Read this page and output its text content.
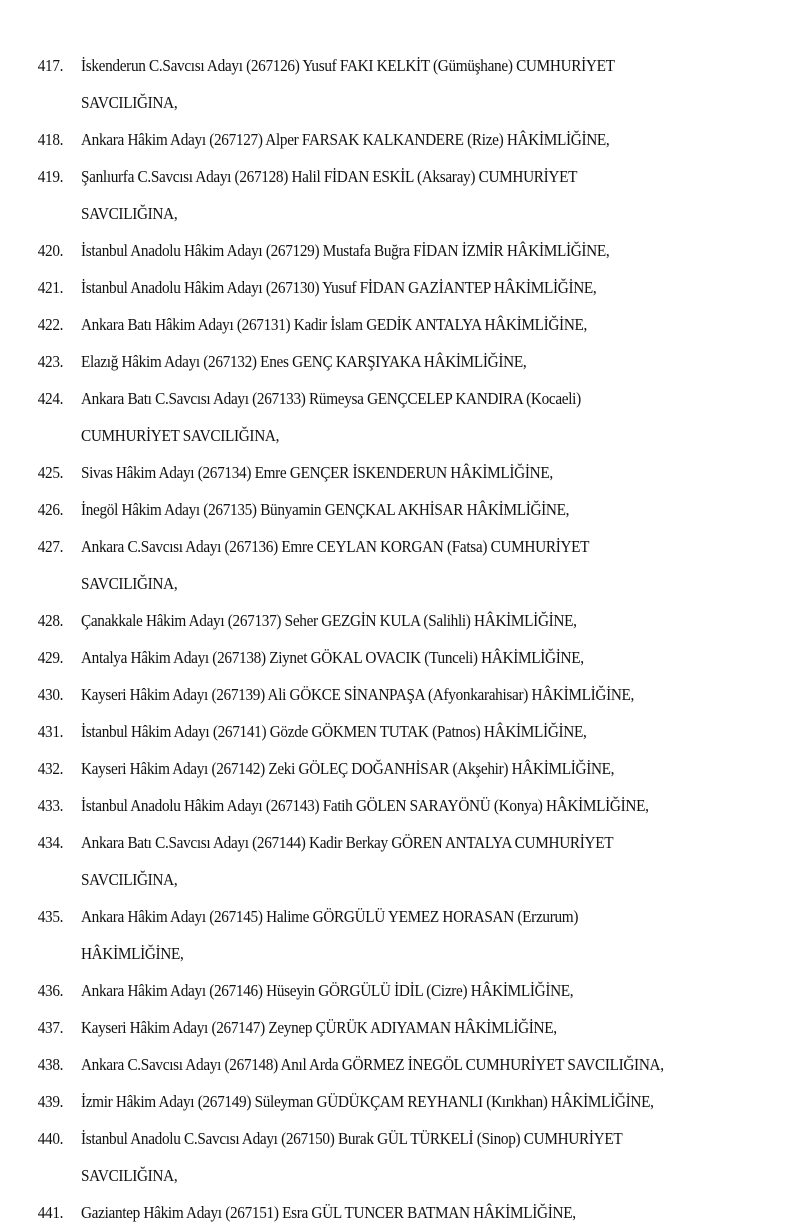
417.	İskenderun C.Savcısı Adayı (267126) Yusuf FAKI KELKİT (Gümüşhane) CUMHURİYET SAVCILIĞINA,
418.	Ankara Hâkim Adayı (267127) Alper FARSAK KALKANDERE (Rize) HÂKİMLİĞİNE,
419.	Şanlıurfa C.Savcısı Adayı (267128) Halil FİDAN ESKİL (Aksaray) CUMHURİYET SAVCILIĞINA,
420.	İstanbul Anadolu Hâkim Adayı (267129) Mustafa Buğra FİDAN İZMİR HÂKİMLİĞİNE,
421.	İstanbul Anadolu Hâkim Adayı (267130) Yusuf FİDAN GAZİANTEP HÂKİMLİĞİNE,
422.	Ankara Batı Hâkim Adayı (267131) Kadir İslam GEDİK ANTALYA HÂKİMLİĞİNE,
423.	Elazığ Hâkim Adayı (267132) Enes GENÇ KARŞIYAKA HÂKİMLİĞİNE,
424.	Ankara Batı C.Savcısı Adayı (267133) Rümeysa GENÇCELEP KANDIRA (Kocaeli) CUMHURİYET SAVCILIĞINA,
425.	Sivas Hâkim Adayı (267134) Emre GENÇER İSKENDERUN HÂKİMLİĞİNE,
426.	İnegöl Hâkim Adayı (267135) Bünyamin GENÇKAL AKHİSAR HÂKİMLİĞİNE,
427.	Ankara C.Savcısı Adayı (267136) Emre CEYLAN KORGAN (Fatsa) CUMHURİYET SAVCILIĞINA,
428.	Çanakkale Hâkim Adayı (267137) Seher GEZGİN KULA (Salihli) HÂKİMLİĞİNE,
429.	Antalya Hâkim Adayı (267138) Ziynet GÖKAL OVACIK (Tunceli) HÂKİMLİĞİNE,
430.	Kayseri Hâkim Adayı (267139) Ali GÖKCE SİNANPAŞA (Afyonkarahisar) HÂKİMLİĞİNE,
431.	İstanbul Hâkim Adayı (267141) Gözde GÖKMEN TUTAK (Patnos) HÂKİMLİĞİNE,
432.	Kayseri Hâkim Adayı (267142) Zeki GÖLEÇ DOĞANHİSAR (Akşehir) HÂKİMLİĞİNE,
433.	İstanbul Anadolu Hâkim Adayı (267143) Fatih GÖLEN SARAYÖNÜ (Konya) HÂKİMLİĞİNE,
434.	Ankara Batı C.Savcısı Adayı (267144) Kadir Berkay GÖREN ANTALYA CUMHURİYET SAVCILIĞINA,
435.	Ankara Hâkim Adayı (267145) Halime GÖRGÜLÜ YEMEZ HORASAN (Erzurum) HÂKİMLİĞİNE,
436.	Ankara Hâkim Adayı (267146) Hüseyin GÖRGÜLÜ İDİL (Cizre) HÂKİMLİĞİNE,
437.	Kayseri Hâkim Adayı (267147) Zeynep ÇÜRÜK ADIYAMAN HÂKİMLİĞİNE,
438.	Ankara C.Savcısı Adayı (267148) Anıl Arda GÖRMEZ İNEGÖL CUMHURİYET SAVCILIĞINA,
439.	İzmir Hâkim Adayı (267149) Süleyman GÜDÜKÇAM REYHANLI (Kırıkhan) HÂKİMLİĞİNE,
440.	İstanbul Anadolu C.Savcısı Adayı (267150) Burak GÜL TÜRKELİ (Sinop) CUMHURİYET SAVCILIĞINA,
441.	Gaziantep Hâkim Adayı (267151) Esra GÜL TUNCER BATMAN HÂKİMLİĞİNE,
